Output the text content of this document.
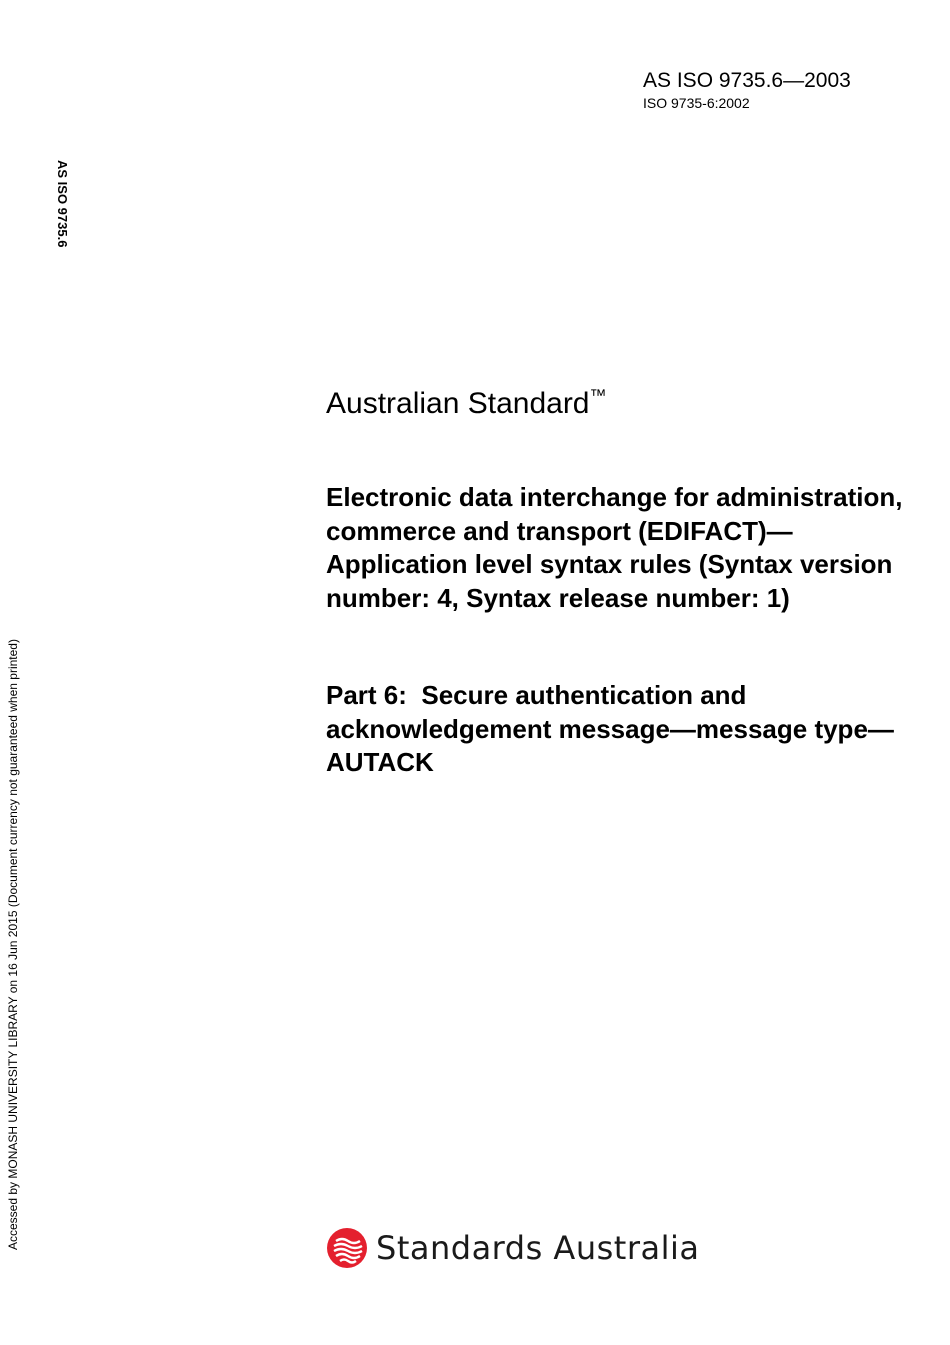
AS ISO 9735.6—2003
ISO 9735-6:2002
AS ISO 9735.6
Accessed by MONASH UNIVERSITY LIBRARY on 16 Jun 2015 (Document currency not guaranteed when printed)
Australian Standard™
Electronic data interchange for administration, commerce and transport (EDIFACT)—Application level syntax rules (Syntax version number: 4, Syntax release number: 1)
Part 6:  Secure authentication and acknowledgement message—message type—AUTACK
Standards Australia
